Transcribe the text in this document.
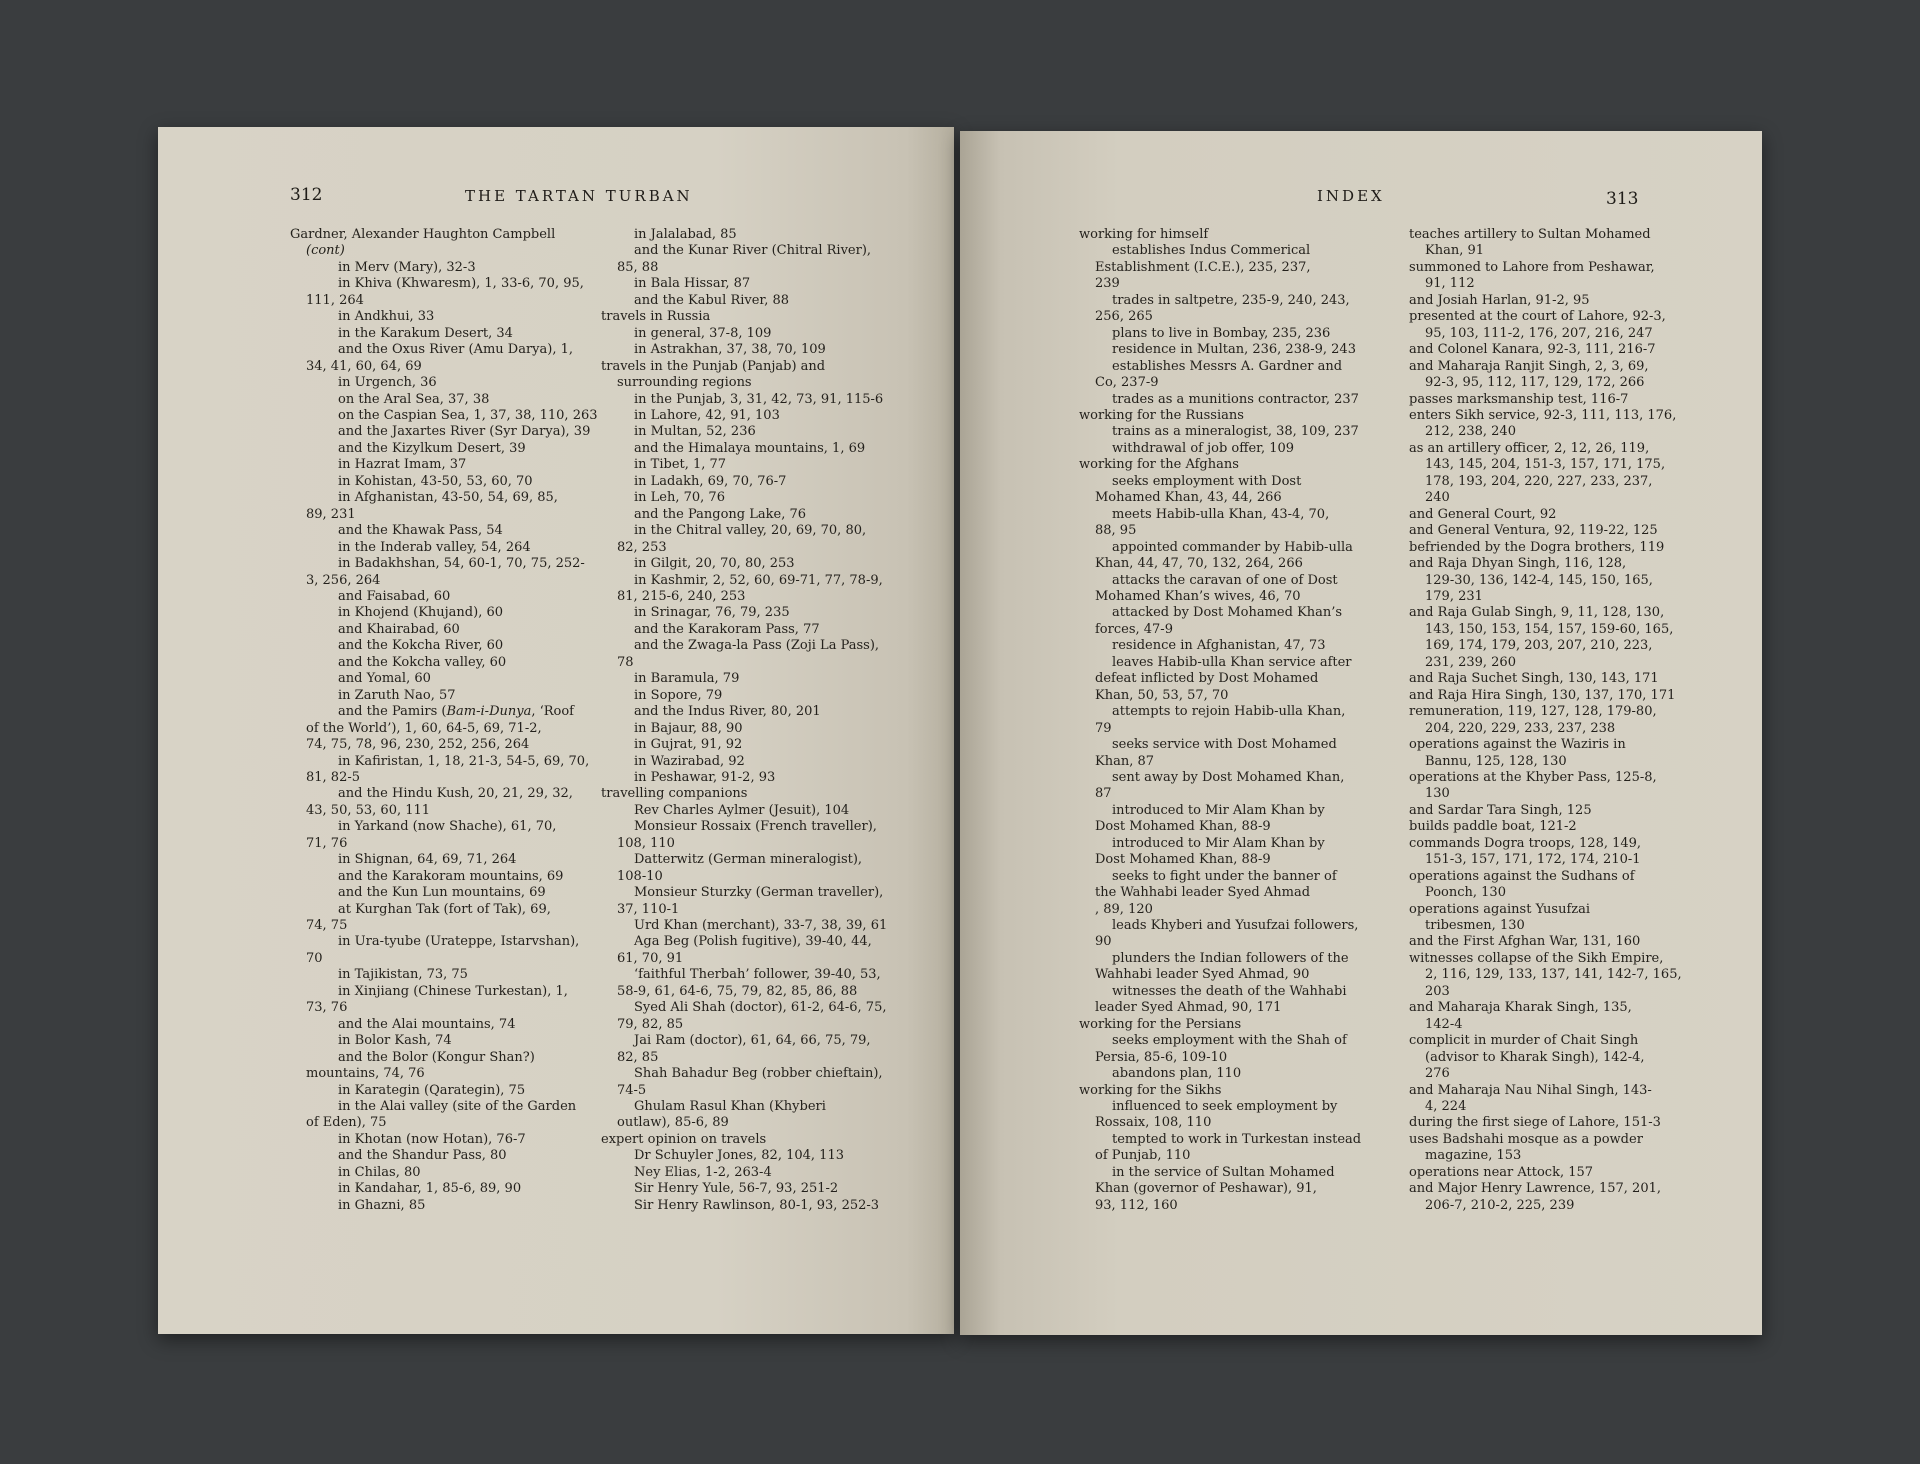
312	THE TARTAN TURBAN
Gardner, Alexander Haughton Campbell
(cont)
in Merv (Mary), 32-3
in Khiva (Khwaresm), 1, 33-6, 70, 95,
111, 264
in Andkhui, 33
in the Karakum Desert, 34
and the Oxus River (Amu Darya), 1,
34, 41, 60, 64, 69
in Urgench, 36
on the Aral Sea, 37, 38
on the Caspian Sea, 1, 37, 38, 110, 263
and the Jaxartes River (Syr Darya), 39
and the Kizylkum Desert, 39
in Hazrat Imam, 37
in Kohistan, 43-50, 53, 60, 70
in Afghanistan, 43-50, 54, 69, 85,
89, 231
and the Khawak Pass, 54
in the Inderab valley, 54, 264
in Badakhshan, 54, 60-1, 70, 75, 252-
3, 256, 264
and Faisabad, 60
in Khojend (Khujand), 60
and Khairabad, 60
and the Kokcha River, 60
and the Kokcha valley, 60
and Yomal, 60
in Zaruth Nao, 57
and the Pamirs (Bam-i-Dunya, ‘Roof
of the World’), 1, 60, 64-5, 69, 71-2,
74, 75, 78, 96, 230, 252, 256, 264
in Kafiristan, 1, 18, 21-3, 54-5, 69, 70,
81, 82-5
and the Hindu Kush, 20, 21, 29, 32,
43, 50, 53, 60, 111
in Yarkand (now Shache), 61, 70,
71, 76
in Shignan, 64, 69, 71, 264
and the Karakoram mountains, 69
and the Kun Lun mountains, 69
at Kurghan Tak (fort of Tak), 69,
74, 75
in Ura-tyube (Urateppe, Istarvshan),
70
in Tajikistan, 73, 75
in Xinjiang (Chinese Turkestan), 1,
73, 76
and the Alai mountains, 74
in Bolor Kash, 74
and the Bolor (Kongur Shan?)
mountains, 74, 76
in Karategin (Qarategin), 75
in the Alai valley (site of the Garden
of Eden), 75
in Khotan (now Hotan), 76-7
and the Shandur Pass, 80
in Chilas, 80
in Kandahar, 1, 85-6, 89, 90
in Ghazni, 85
in Jalalabad, 85
and the Kunar River (Chitral River),
85, 88
in Bala Hissar, 87
and the Kabul River, 88
travels in Russia
in general, 37-8, 109
in Astrakhan, 37, 38, 70, 109
travels in the Punjab (Panjab) and
surrounding regions
in the Punjab, 3, 31, 42, 73, 91, 115-6
in Lahore, 42, 91, 103
in Multan, 52, 236
and the Himalaya mountains, 1, 69
in Tibet, 1, 77
in Ladakh, 69, 70, 76-7
in Leh, 70, 76
and the Pangong Lake, 76
in the Chitral valley, 20, 69, 70, 80,
82, 253
in Gilgit, 20, 70, 80, 253
in Kashmir, 2, 52, 60, 69-71, 77, 78-9,
81, 215-6, 240, 253
in Srinagar, 76, 79, 235
and the Karakoram Pass, 77
and the Zwaga-la Pass (Zoji La Pass),
78
in Baramula, 79
in Sopore, 79
and the Indus River, 80, 201
in Bajaur, 88, 90
in Gujrat, 91, 92
in Wazirabad, 92
in Peshawar, 91-2, 93
travelling companions
Rev Charles Aylmer (Jesuit), 104
Monsieur Rossaix (French traveller),
108, 110
Datterwitz (German mineralogist),
108-10
Monsieur Sturzky (German traveller),
37, 110-1
Urd Khan (merchant), 33-7, 38, 39, 61
Aga Beg (Polish fugitive), 39-40, 44,
61, 70, 91
‘faithful Therbah’ follower, 39-40, 53,
58-9, 61, 64-6, 75, 79, 82, 85, 86, 88
Syed Ali Shah (doctor), 61-2, 64-6, 75,
79, 82, 85
Jai Ram (doctor), 61, 64, 66, 75, 79,
82, 85
Shah Bahadur Beg (robber chieftain),
74-5
Ghulam Rasul Khan (Khyberi
outlaw), 85-6, 89
expert opinion on travels
Dr Schuyler Jones, 82, 104, 113
Ney Elias, 1-2, 263-4
Sir Henry Yule, 56-7, 93, 251-2
Sir Henry Rawlinson, 80-1, 93, 252-3
INDEX	313
working for himself
establishes Indus Commerical
Establishment (I.C.E.), 235, 237,
239
trades in saltpetre, 235-9, 240, 243,
256, 265
plans to live in Bombay, 235, 236
residence in Multan, 236, 238-9, 243
establishes Messrs A. Gardner and
Co, 237-9
trades as a munitions contractor, 237
working for the Russians
trains as a mineralogist, 38, 109, 237
withdrawal of job offer, 109
working for the Afghans
seeks employment with Dost
Mohamed Khan, 43, 44, 266
meets Habib-ulla Khan, 43-4, 70,
88, 95
appointed commander by Habib-ulla
Khan, 44, 47, 70, 132, 264, 266
attacks the caravan of one of Dost
Mohamed Khan’s wives, 46, 70
attacked by Dost Mohamed Khan’s
forces, 47-9
residence in Afghanistan, 47, 73
leaves Habib-ulla Khan service after
defeat inflicted by Dost Mohamed
Khan, 50, 53, 57, 70
attempts to rejoin Habib-ulla Khan,
79
seeks service with Dost Mohamed
Khan, 87
sent away by Dost Mohamed Khan,
87
introduced to Mir Alam Khan by
Dost Mohamed Khan, 88-9
introduced to Mir Alam Khan by
Dost Mohamed Khan, 88-9
seeks to fight under the banner of
the Wahhabi leader Syed Ahmad
, 89, 120
leads Khyberi and Yusufzai followers,
90
plunders the Indian followers of the
Wahhabi leader Syed Ahmad, 90
witnesses the death of the Wahhabi
leader Syed Ahmad, 90, 171
working for the Persians
seeks employment with the Shah of
Persia, 85-6, 109-10
abandons plan, 110
working for the Sikhs
influenced to seek employment by
Rossaix, 108, 110
tempted to work in Turkestan instead
of Punjab, 110
in the service of Sultan Mohamed
Khan (governor of Peshawar), 91,
93, 112, 160
teaches artillery to Sultan Mohamed
Khan, 91
summoned to Lahore from Peshawar,
91, 112
and Josiah Harlan, 91-2, 95
presented at the court of Lahore, 92-3,
95, 103, 111-2, 176, 207, 216, 247
and Colonel Kanara, 92-3, 111, 216-7
and Maharaja Ranjit Singh, 2, 3, 69,
92-3, 95, 112, 117, 129, 172, 266
passes marksmanship test, 116-7
enters Sikh service, 92-3, 111, 113, 176,
212, 238, 240
as an artillery officer, 2, 12, 26, 119,
143, 145, 204, 151-3, 157, 171, 175,
178, 193, 204, 220, 227, 233, 237,
240
and General Court, 92
and General Ventura, 92, 119-22, 125
befriended by the Dogra brothers, 119
and Raja Dhyan Singh, 116, 128,
129-30, 136, 142-4, 145, 150, 165,
179, 231
and Raja Gulab Singh, 9, 11, 128, 130,
143, 150, 153, 154, 157, 159-60, 165,
169, 174, 179, 203, 207, 210, 223,
231, 239, 260
and Raja Suchet Singh, 130, 143, 171
and Raja Hira Singh, 130, 137, 170, 171
remuneration, 119, 127, 128, 179-80,
204, 220, 229, 233, 237, 238
operations against the Waziris in
Bannu, 125, 128, 130
operations at the Khyber Pass, 125-8,
130
and Sardar Tara Singh, 125
builds paddle boat, 121-2
commands Dogra troops, 128, 149,
151-3, 157, 171, 172, 174, 210-1
operations against the Sudhans of
Poonch, 130
operations against Yusufzai
tribesmen, 130
and the First Afghan War, 131, 160
witnesses collapse of the Sikh Empire,
2, 116, 129, 133, 137, 141, 142-7, 165,
203
and Maharaja Kharak Singh, 135,
142-4
complicit in murder of Chait Singh
(advisor to Kharak Singh), 142-4,
276
and Maharaja Nau Nihal Singh, 143-
4, 224
during the first siege of Lahore, 151-3
uses Badshahi mosque as a powder
magazine, 153
operations near Attock, 157
and Major Henry Lawrence, 157, 201,
206-7, 210-2, 225, 239
